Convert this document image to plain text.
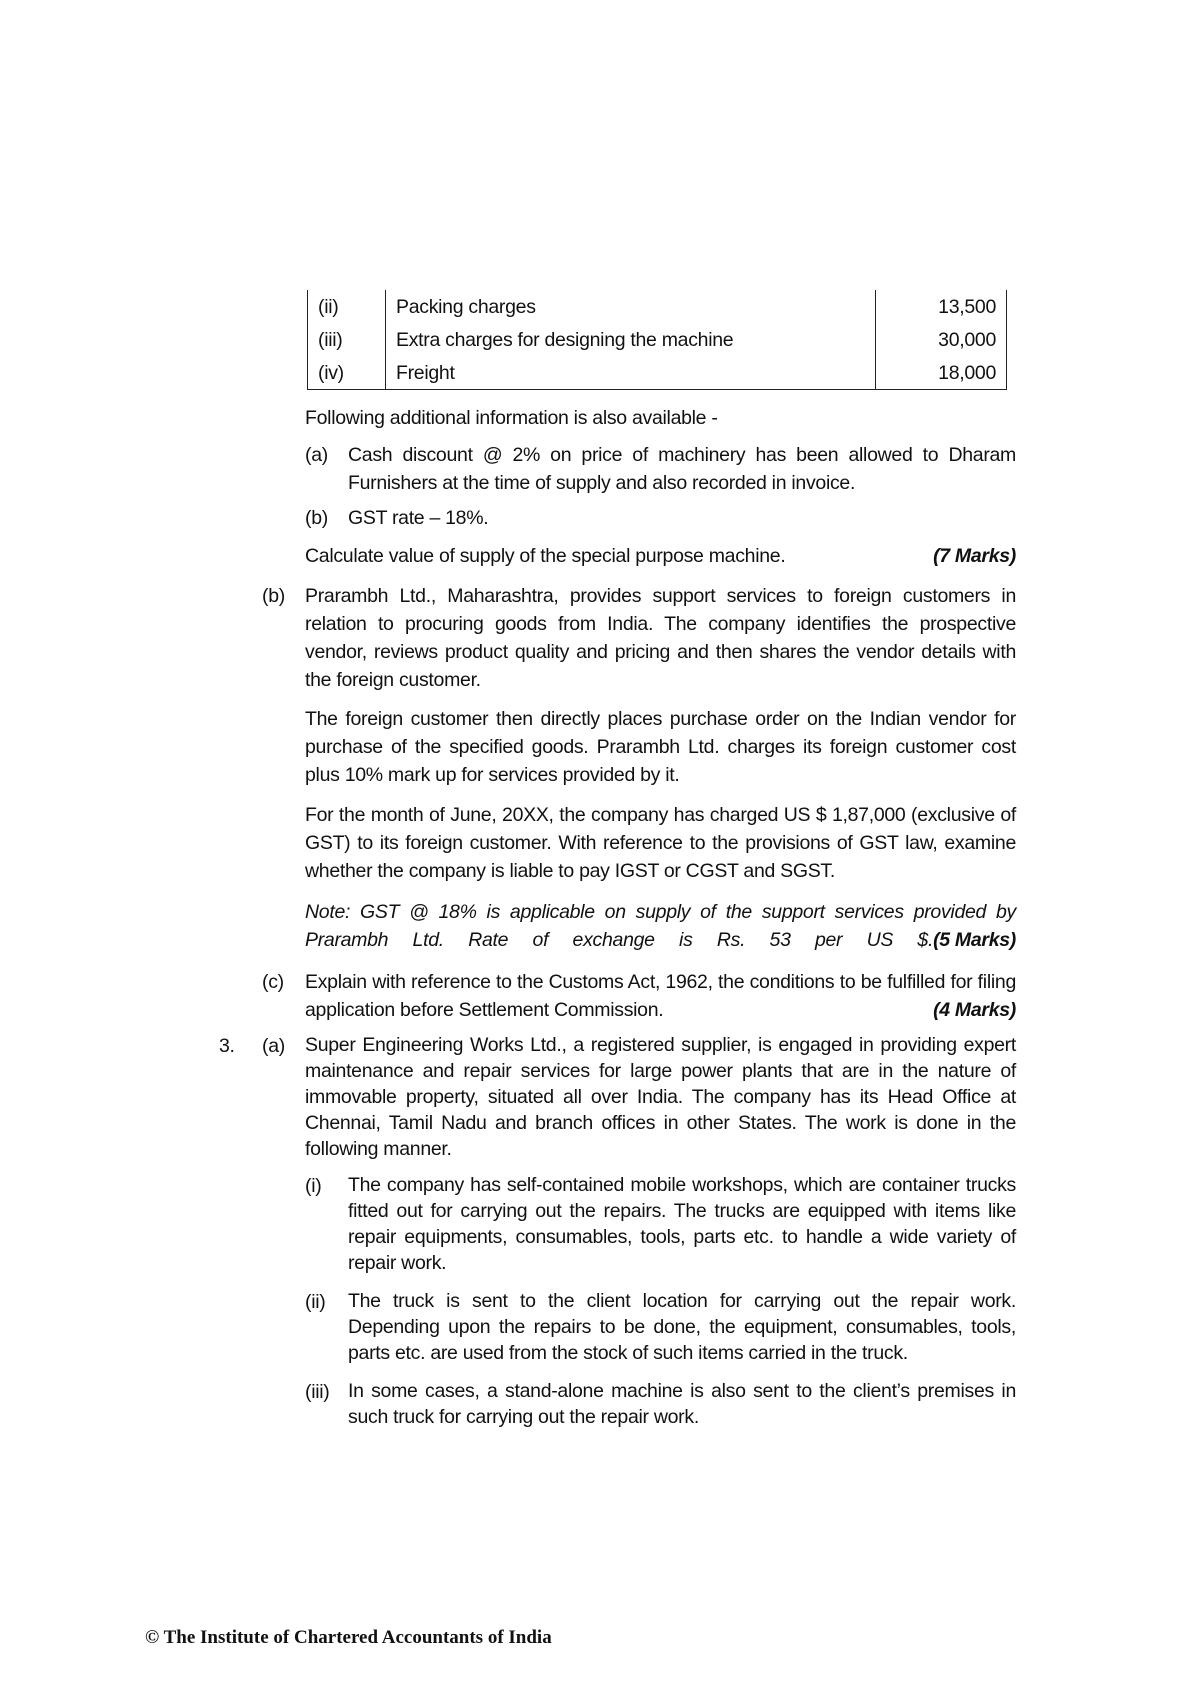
(ii)	Packing charges	13,500
(iii)	Extra charges for designing the machine	30,000
(iv)	Freight	18,000
Following additional information is also available -
(a) Cash discount @ 2% on price of machinery has been allowed to Dharam Furnishers at the time of supply and also recorded in invoice.
(b) GST rate – 18%.
(7 Marks)
Calculate value of supply of the special purpose machine.
(b) Prarambh Ltd., Maharashtra, provides support services to foreign customers in relation to procuring goods from India. The company identifies the prospective vendor, reviews product quality and pricing and then shares the vendor details with the foreign customer.
The foreign customer then directly places purchase order on the Indian vendor for purchase of the specified goods. Prarambh Ltd. charges its foreign customer cost plus 10% mark up for services provided by it.
For the month of June, 20XX, the company has charged US $ 1,87,000 (exclusive of GST) to its foreign customer. With reference to the provisions of GST law, examine whether the company is liable to pay IGST or CGST and SGST.
Note: GST @ 18% is applicable on supply of the support services provided by Prarambh Ltd. Rate of exchange is Rs. 53 per US $. (5 Marks)
(c) Explain with reference to the Customs Act, 1962, the conditions to be fulfilled for filing application before Settlement Commission.	(4 Marks)
3. (a) Super Engineering Works Ltd., a registered supplier, is engaged in providing expert maintenance and repair services for large power plants that are in the nature of immovable property, situated all over India. The company has its Head Office at Chennai, Tamil Nadu and branch offices in other States. The work is done in the following manner.
(i) The company has self-contained mobile workshops, which are container trucks fitted out for carrying out the repairs. The trucks are equipped with items like repair equipments, consumables, tools, parts etc. to handle a wide variety of repair work.
(ii) The truck is sent to the client location for carrying out the repair work. Depending upon the repairs to be done, the equipment, consumables, tools, parts etc. are used from the stock of such items carried in the truck.
(iii) In some cases, a stand-alone machine is also sent to the client’s premises in such truck for carrying out the repair work.
© The Institute of Chartered Accountants of India
